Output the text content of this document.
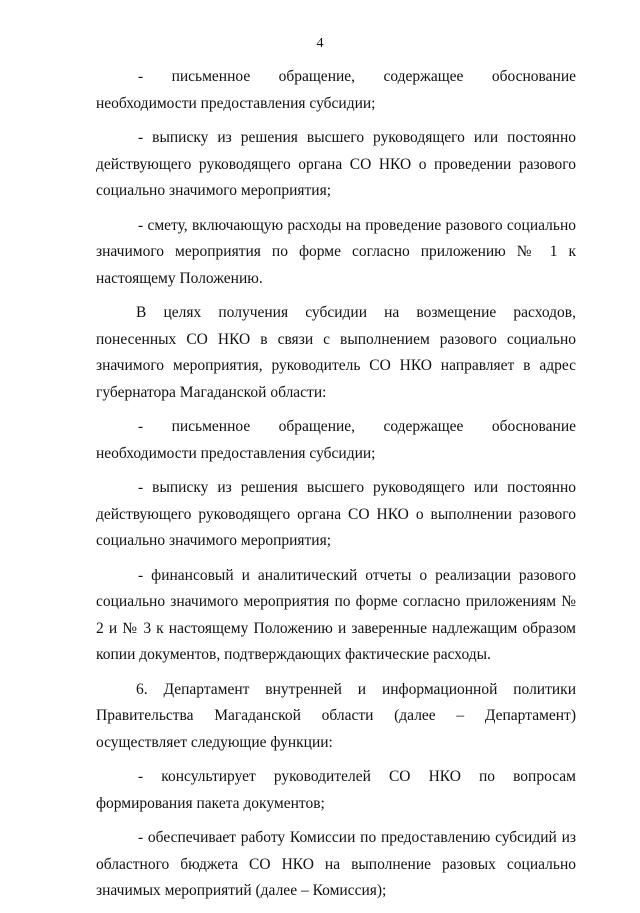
4

- письменное обращение, содержащее обоснование необходимости предоставления субсидии;

- выписку из решения высшего руководящего или постоянно действующего руководящего органа СО НКО о проведении разового социально значимого мероприятия;

- смету, включающую расходы на проведение разового социально значимого мероприятия по форме согласно приложению № 1 к настоящему Положению.

В целях получения субсидии на возмещение расходов, понесенных СО НКО в связи с выполнением разового социально значимого мероприятия, руководитель СО НКО направляет в адрес губернатора Магаданской области:

- письменное обращение, содержащее обоснование необходимости предоставления субсидии;

- выписку из решения высшего руководящего или постоянно действующего руководящего органа СО НКО о выполнении разового социально значимого мероприятия;

- финансовый и аналитический отчеты о реализации разового социально значимого мероприятия по форме согласно приложениям № 2 и № 3 к настоящему Положению и заверенные надлежащим образом копии документов, подтверждающих фактические расходы.

6. Департамент внутренней и информационной политики Правительства Магаданской области (далее – Департамент) осуществляет следующие функции:

- консультирует руководителей СО НКО по вопросам формирования пакета документов;

- обеспечивает работу Комиссии по предоставлению субсидий из областного бюджета СО НКО на выполнение разовых социально значимых мероприятий (далее – Комиссия);
